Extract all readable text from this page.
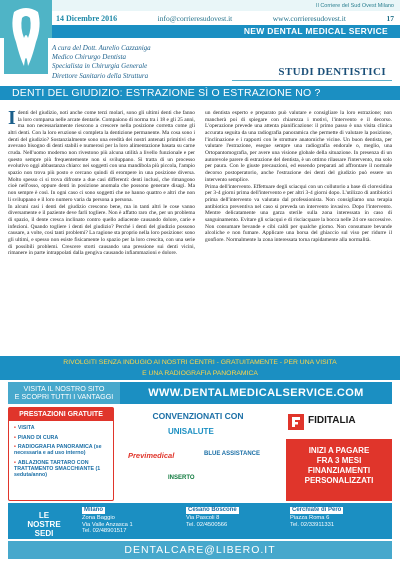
Il Corriere del Sud Ovest Milano
14 Dicembre 2016	info@corrieresudovest.it	www.corrieresudovest.it	17
NEW DENTAL MEDICAL SERVICE
A cura del Dott. Aurelio Cazzaniga
Medico Chirurgo Dentista
Specialista in Chirurgia Generale
Direttore Sanitario della Struttura	STUDI DENTISTICI
DENTI DEL GIUDIZIO: ESTRAZIONE SÌ O ESTRAZIONE NO ?

Identi del giudizio, noti anche come terzi molari, sono gli ultimi denti che fanno la loro comparsa nelle arcate dentarie. Compaiono di norma tra i 18 e gli 25 anni, ma non necessariamente riescono a crescere nella posizione corretta come gli altri denti. Con la loro eruzione si completa la dentizione permanente. Ma cosa sono i denti del giudizio? Sostanzialmente sono una eredità dei nostri antenati primitivi che avevano bisogno di denti stabili e numerosi per la loro alimentazione basata su carne cruda. Nell'uomo moderno non rivestono più alcuna utilità a livello funzionale e per questo sempre più frequentemente non si sviluppano. Si tratta di un processo evolutivo oggi abbastanza chiaro: nei soggetti con una mandibola più piccola, l'ampio spazio non trova più posto e cercano quindi di erompere in una posizione diversa. Molto spesso ci si trova difronte a due casi differenti: denti inclusi, che rimangono cioè nell'osso, oppure denti in posizione anomala che possono generare disagi. Ma non sempre è così. In ogni caso ci sono soggetti che ne hanno quattro e altri che non li sviluppano e il loro numero varia da persona a persona.

In alcuni casi i denti del giudizio crescono bene, ma in tanti altri le cose vanno diversamente e il paziente deve farli togliere. Non è affatto raro che, per un problema di spazio, il dente cresca inclinato contro quello adiacente causando dolore, carie e infezioni. Quando togliere i denti del giudizio? Perché i denti del giudizio possono causare, a volte, così tanti problemi? La ragione sta proprio nella loro posizione: sono gli ultimi, e spesso non esiste fisicamente lo spazio per la loro crescita, con una serie di possibili problemi. Crescere storti causando una pressione sui denti vicini, rimanere in parte intrappolati dalla gengiva causando infiammazioni e dolore.

un dentista esperto e preparato può valutare e consigliare la loro estrazione; non mancherà poi di spiegare con chiarezza i motivi, l'intervento e il decorso. L'operazione prevede una attenta pianificazione: il primo passo è una visita clinica accurata seguita da una radiografia panoramica che permette di valutare la posizione, l'inclinazione e i rapporti con le strutture anatomiche vicine. Un buon dentista, per valutare l'estrazione, esegue sempre una radiografia endorale o, meglio, una Ortopantomografia, per avere una visione globale della situazione. In presenza di un autorevole parere di estrazione del dentista, è un ottimo rilassare l'intervento, ma solo per paura. Con le giuste precauzioni, ed essendo preparati ad affrontare il normale decorso postoperatorio, anche l'estrazione dei denti del giudizio può essere un intervento semplice.

Prima dell'intervento. Effettuare degli sciacqui con un collutorio a base di clorexidina per 3-4 giorni prima dell'intervento e per altri 3-4 giorni dopo. L'utilizzo di antibiotici prima dell'intervento va valutato dal professionista. Non consigliamo una terapia antibiotica preventiva nel caso si preveda un intervento invasivo. Dopo l'intervento. Mentre delicatamente una garza sterile sulla zona interessata in caso di sanguinamento. Evitare gli sciacqui e di risciacquare la bocca nelle 24 ore successive. Non consumare bevande e cibi caldi per qualche giorno. Non consumare bevande alcoliche e non fumare. Applicare una borsa del ghiaccio sul viso per ridurre il gonfiore. Normalmente la zona interessata torna rapidamente alla normalità.

RIVOLGITI SENZA INDUGIO AI NOSTRI CENTRI - GRATUITAMENTE - PER UNA VISITA
E UNA RADIOGRAFIA PANORAMICA
VISITA IL NOSTRO SITO
E SCOPRI TUTTI I VANTAGGI	WWW.DENTALMEDICALSERVICE.COM
PRESTAZIONI GRATUITE
• VISITA
• PIANO DI CURA
• RADIOGRAFIA PANORAMICA (se necessaria e ad uso interno)
• ABLAZIONE TARTARO CON TRATTAMENTO SMACCHIANTE (1 seduta/anno)
CONVENZIONATI CON
UNISALUTE
Previmedical	BLUE ASSISTANCE
INSERTO
FIDITALIA
INIZI A PAGARE
FRA 3 MESI
FINANZIAMENTI
PERSONALIZZATI
LE
NOSTRE
SEDI
Milano
Zona Baggio
Via Valle Anzasca 1
Tel. 02/48901517
Cesano Boscone
Via Pascoli 8
Tel. 02/4500566
Cerchiate di Pero
Piazza Roma 6
Tel. 02/33911331
DENTALCARE@LIBERO.IT
